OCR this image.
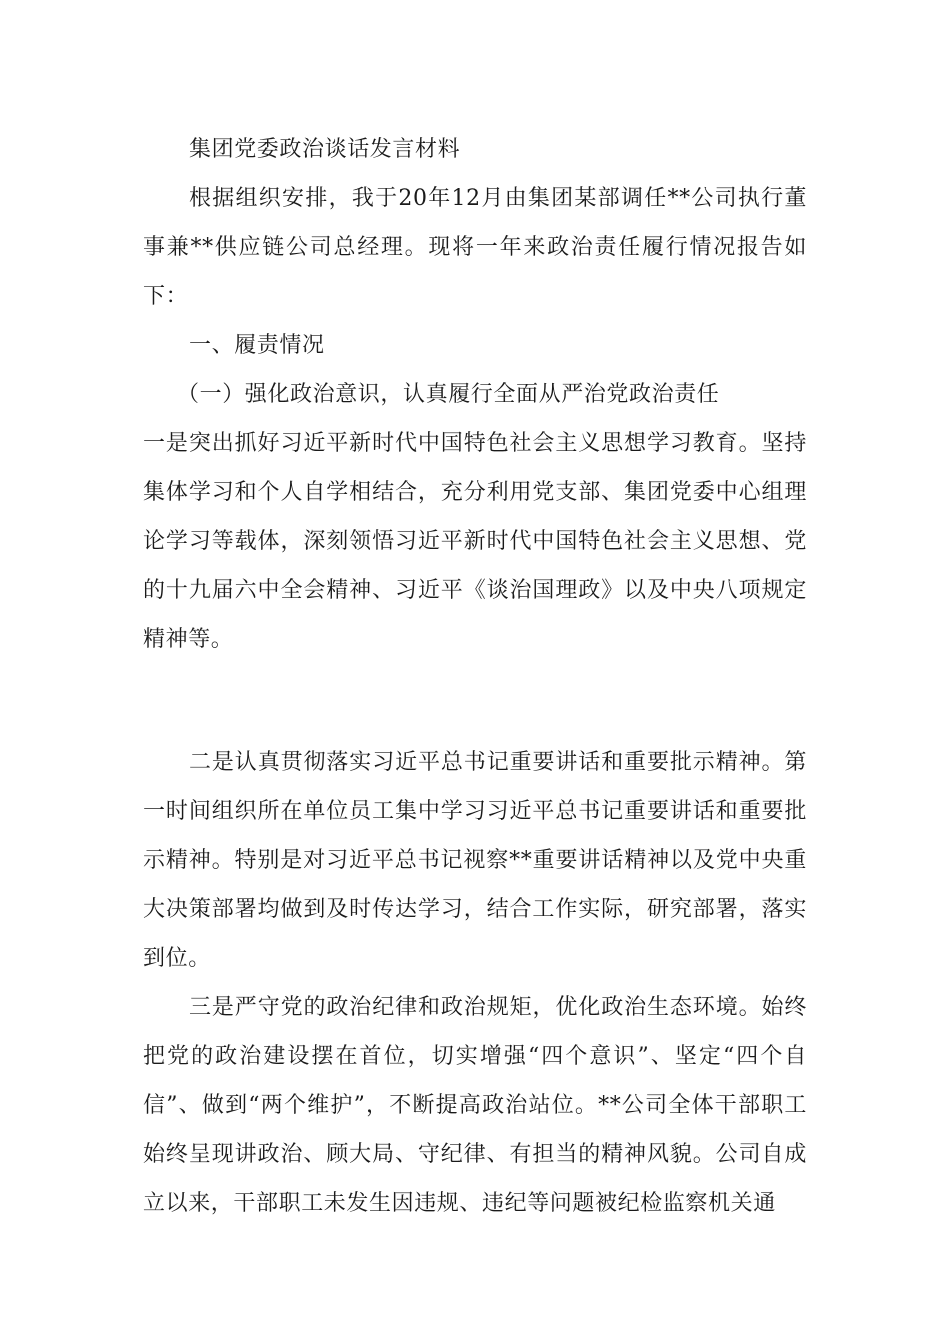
集团党委政治谈话发言材料

根据组织安排，我于20年12月由集团某部调任**公司执行董事兼**供应链公司总经理。现将一年来政治责任履行情况报告如下：

一、履责情况

（一）强化政治意识，认真履行全面从严治党政治责任

一是突出抓好习近平新时代中国特色社会主义思想学习教育。坚持集体学习和个人自学相结合，充分利用党支部、集团党委中心组理论学习等载体，深刻领悟习近平新时代中国特色社会主义思想、党的十九届六中全会精神、习近平《谈治国理政》以及中央八项规定精神等。

二是认真贯彻落实习近平总书记重要讲话和重要批示精神。第一时间组织所在单位员工集中学习习近平总书记重要讲话和重要批示精神。特别是对习近平总书记视察**重要讲话精神以及党中央重大决策部署均做到及时传达学习，结合工作实际，研究部署，落实到位。

三是严守党的政治纪律和政治规矩，优化政治生态环境。始终把党的政治建设摆在首位，切实增强“四个意识”、坚定“四个自信”、做到“两个维护”，不断提高政治站位。**公司全体干部职工始终呈现讲政治、顾大局、守纪律、有担当的精神风貌。公司自成立以来，干部职工未发生因违规、违纪等问题被纪检监察机关通
